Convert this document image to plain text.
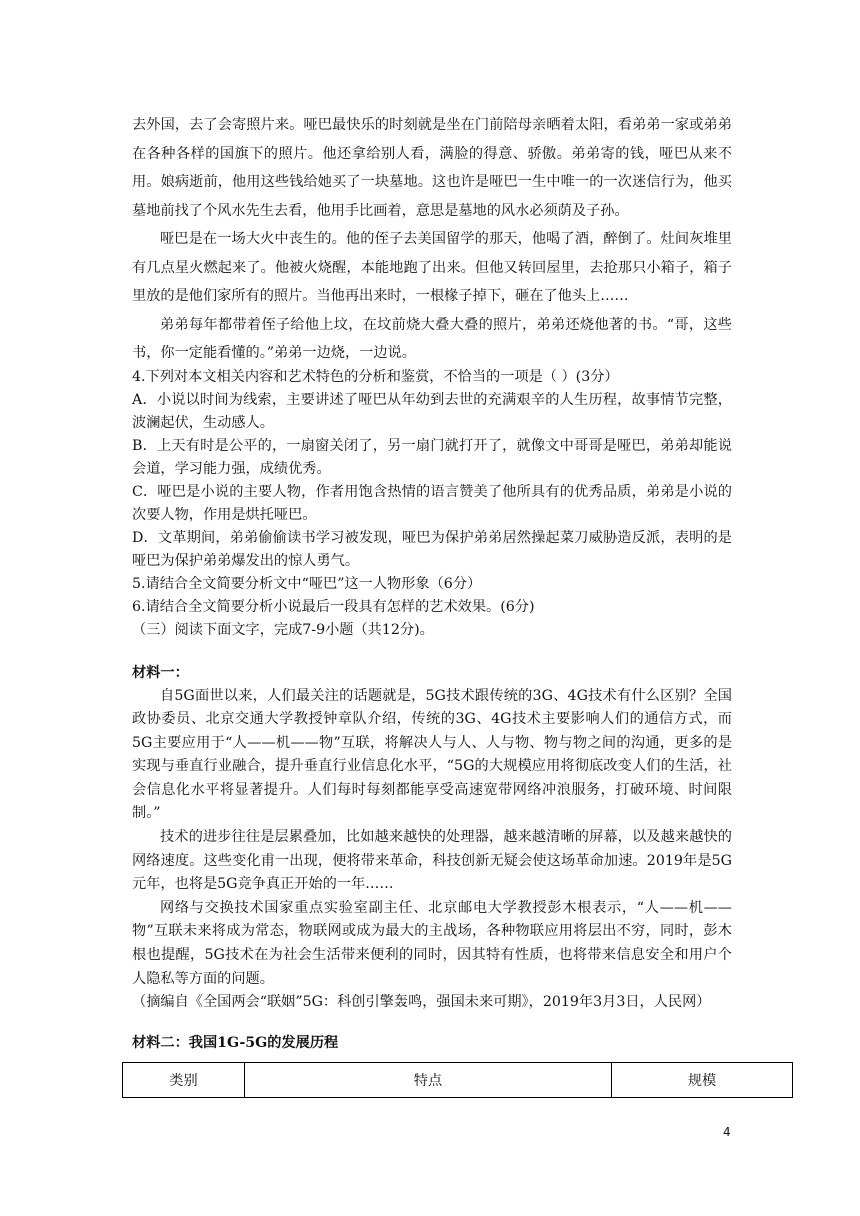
去外国，去了会寄照片来。哑巴最快乐的时刻就是坐在门前陪母亲晒着太阳，看弟弟一家或弟弟在各种各样的国旗下的照片。他还拿给别人看，满脸的得意、骄傲。弟弟寄的钱，哑巴从来不用。娘病逝前，他用这些钱给她买了一块墓地。这也许是哑巴一生中唯一的一次迷信行为，他买墓地前找了个风水先生去看，他用手比画着，意思是墓地的风水必须荫及子孙。

哑巴是在一场大火中丧生的。他的侄子去美国留学的那天，他喝了酒，醉倒了。灶间灰堆里有几点星火燃起来了。他被火烧醒，本能地跑了出来。但他又转回屋里，去抢那只小箱子，箱子里放的是他们家所有的照片。当他再出来时，一根椽子掉下，砸在了他头上……

弟弟每年都带着侄子给他上坟，在坟前烧大叠大叠的照片，弟弟还烧他著的书。“哥，这些书，你一定能看懂的。”弟弟一边烧，一边说。

4.下列对本文相关内容和艺术特色的分析和鉴赏，不恰当的一项是（ ）(3分）

A．小说以时间为线索，主要讲述了哑巴从年幼到去世的充满艰辛的人生历程，故事情节完整，波澜起伏，生动感人。

B．上天有时是公平的，一扇窗关闭了，另一扇门就打开了，就像文中哥哥是哑巴，弟弟却能说会道，学习能力强，成绩优秀。

C．哑巴是小说的主要人物，作者用饱含热情的语言赞美了他所具有的优秀品质，弟弟是小说的次要人物，作用是烘托哑巴。

D．文革期间，弟弟偷偷读书学习被发现，哑巴为保护弟弟居然操起菜刀威胁造反派，表明的是哑巴为保护弟弟爆发出的惊人勇气。

5.请结合全文简要分析文中“哑巴”这一人物形象（6分）

6.请结合全文简要分析小说最后一段具有怎样的艺术效果。(6分)

（三）阅读下面文字，完成7-9小题（共12分)。

材料一：

自5G面世以来，人们最关注的话题就是，5G技术跟传统的3G、4G技术有什么区别？全国政协委员、北京交通大学教授钟章队介绍，传统的3G、4G技术主要影响人们的通信方式，而5G主要应用于“人——机——物”互联，将解决人与人、人与物、物与物之间的沟通，更多的是实现与垂直行业融合，提升垂直行业信息化水平，“5G的大规模应用将彻底改变人们的生活，社会信息化水平将显著提升。人们每时每刻都能享受高速宽带网络冲浪服务，打破环境、时间限制。”

技术的进步往往是层累叠加，比如越来越快的处理器，越来越清晰的屏幕，以及越来越快的网络速度。这些变化甫一出现，便将带来革命，科技创新无疑会使这场革命加速。2019年是5G元年，也将是5G竞争真正开始的一年……

网络与交换技术国家重点实验室副主任、北京邮电大学教授彭木根表示，“人——机——物”互联未来将成为常态，物联网或成为最大的主战场，各种物联应用将层出不穷，同时，彭木根也提醒，5G技术在为社会生活带来便利的同时，因其特有性质，也将带来信息安全和用户个人隐私等方面的问题。

（摘编自《全国两会“联姻”5G：科创引擎轰鸣，强国未来可期》，2019年3月3日，人民网）

材料二：我国1G-5G的发展历程

类别	特点	规模
4
